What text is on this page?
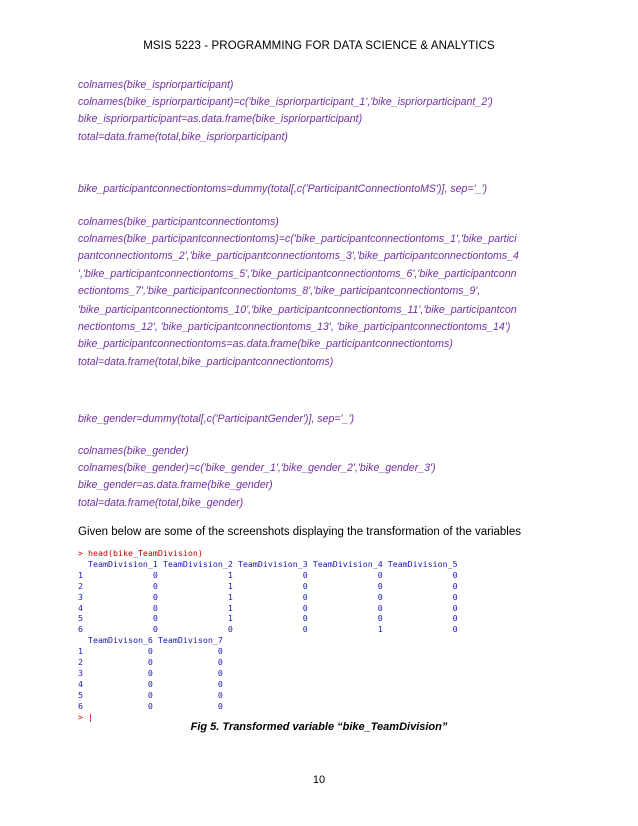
MSIS 5223 - PROGRAMMING FOR DATA SCIENCE & ANALYTICS
colnames(bike_ispriorparticipant)
colnames(bike_ispriorparticipant)=c('bike_ispriorparticipant_1','bike_ispriorparticipant_2')
bike_ispriorparticipant=as.data.frame(bike_ispriorparticipant)
total=data.frame(total,bike_ispriorparticipant)
bike_participantconnectiontoms=dummy(total[,c('ParticipantConnectiontoMS')], sep='_')
colnames(bike_participantconnectiontoms)
colnames(bike_participantconnectiontoms)=c('bike_participantconnectiontoms_1','bike_partici
pantconnectiontoms_2','bike_participantconnectiontoms_3','bike_participantconnectiontoms_4
','bike_participantconnectiontoms_5','bike_participantconnectiontoms_6','bike_participantconn
ectiontoms_7','bike_participantconnectiontoms_8','bike_participantconnectiontoms_9',
'bike_participantconnectiontoms_10','bike_participantconnectiontoms_11','bike_participantcon
nectiontoms_12', 'bike_participantconnectiontoms_13', 'bike_participantconnectiontoms_14')
bike_participantconnectiontoms=as.data.frame(bike_participantconnectiontoms)
total=data.frame(total,bike_participantconnectiontoms)
bike_gender=dummy(total[,c('ParticipantGender')], sep='_')
colnames(bike_gender)
colnames(bike_gender)=c('bike_gender_1','bike_gender_2','bike_gender_3')
bike_gender=as.data.frame(bike_gender)
total=data.frame(total,bike_gender)
Given below are some of the screenshots displaying the transformation of the variables
> head(bike_TeamDivision)
TeamDivision_1 TeamDivision_2 TeamDivision_3 TeamDivision_4 TeamDivision_5
1              0              1              0              0              0
2              0              1              0              0              0
3              0              1              0              0              0
4              0              1              0              0              0
5              0              1              0              0              0
6              0              0              0              1              0
TeamDivison_6 TeamDivison_7
1             0             0
2             0             0
3             0             0
4             0             0
5             0             0
6             0             0
> |
Fig 5. Transformed variable “bike_TeamDivision”
10
